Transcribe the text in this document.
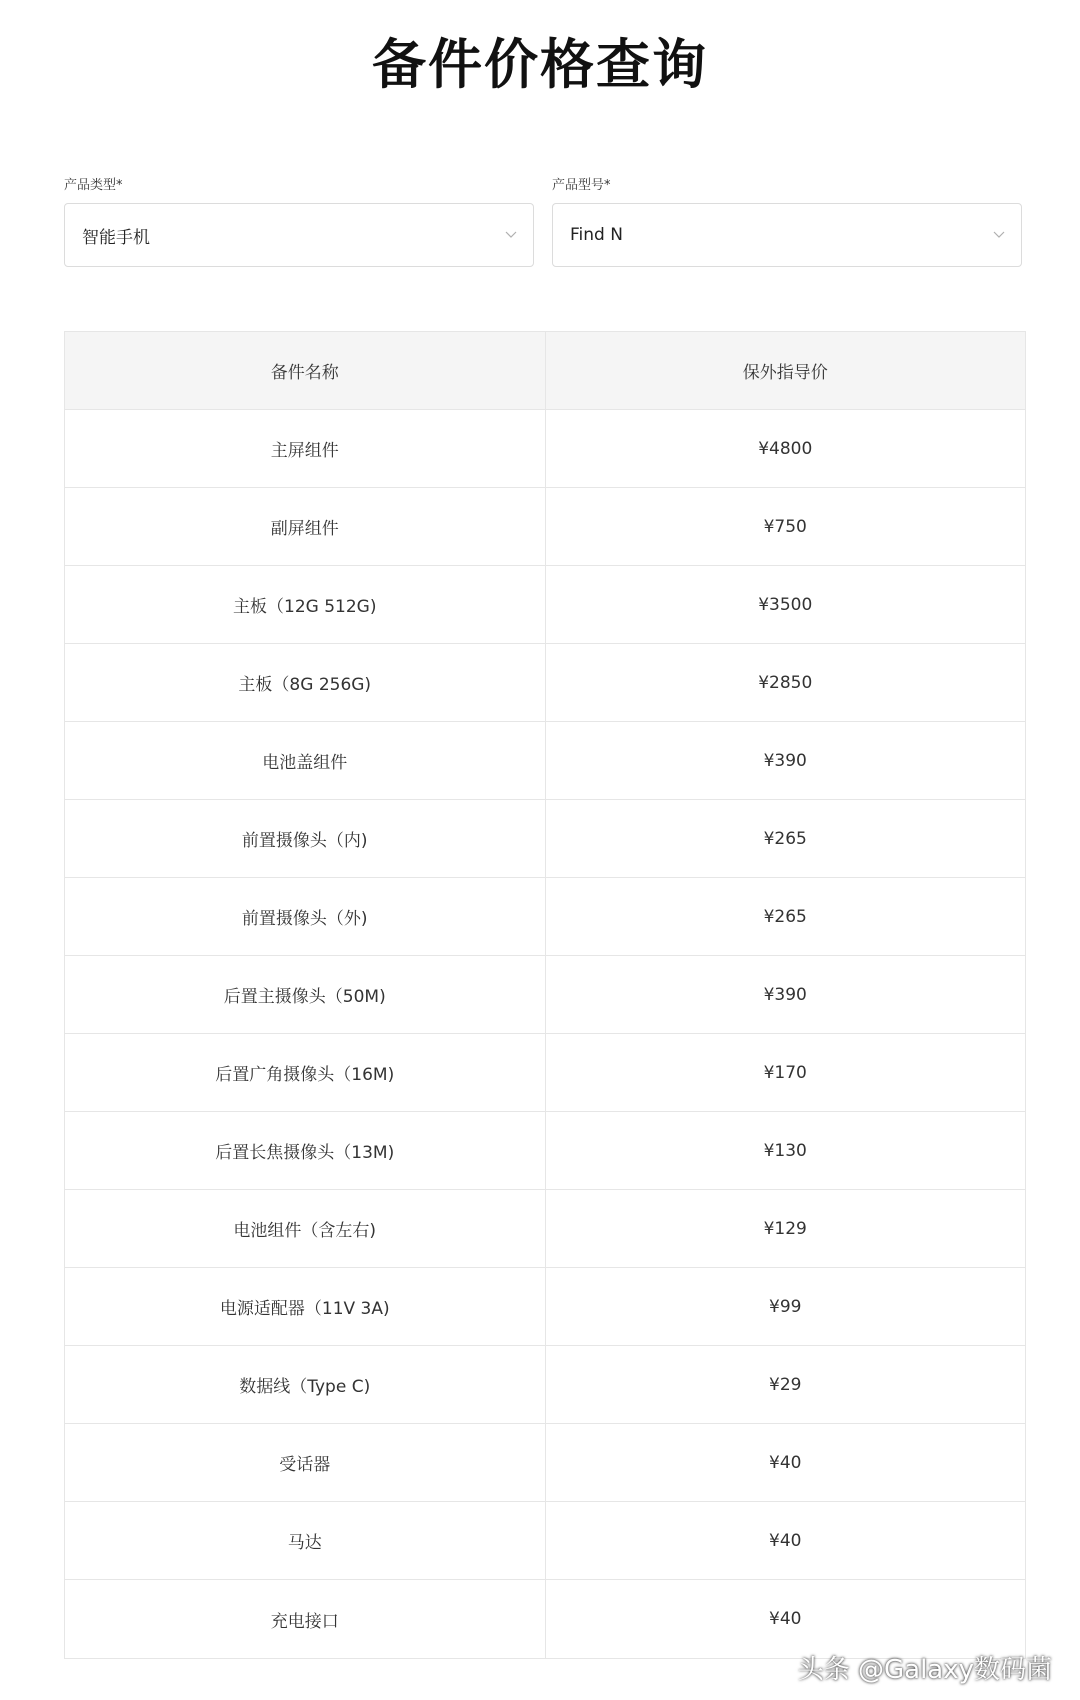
备件价格查询
产品类型*
智能手机
产品型号*
Find N
备件名称	保外指导价
主屏组件	¥4800
副屏组件	¥750
主板（12G 512G)	¥3500
主板（8G 256G)	¥2850
电池盖组件	¥390
前置摄像头（内)	¥265
前置摄像头（外)	¥265
后置主摄像头（50M)	¥390
后置广角摄像头（16M)	¥170
后置长焦摄像头（13M)	¥130
电池组件（含左右)	¥129
电源适配器（11V 3A)	¥99
数据线（Type C)	¥29
受话器	¥40
马达	¥40
充电接口	¥40
头条 @Galaxy数码菌
